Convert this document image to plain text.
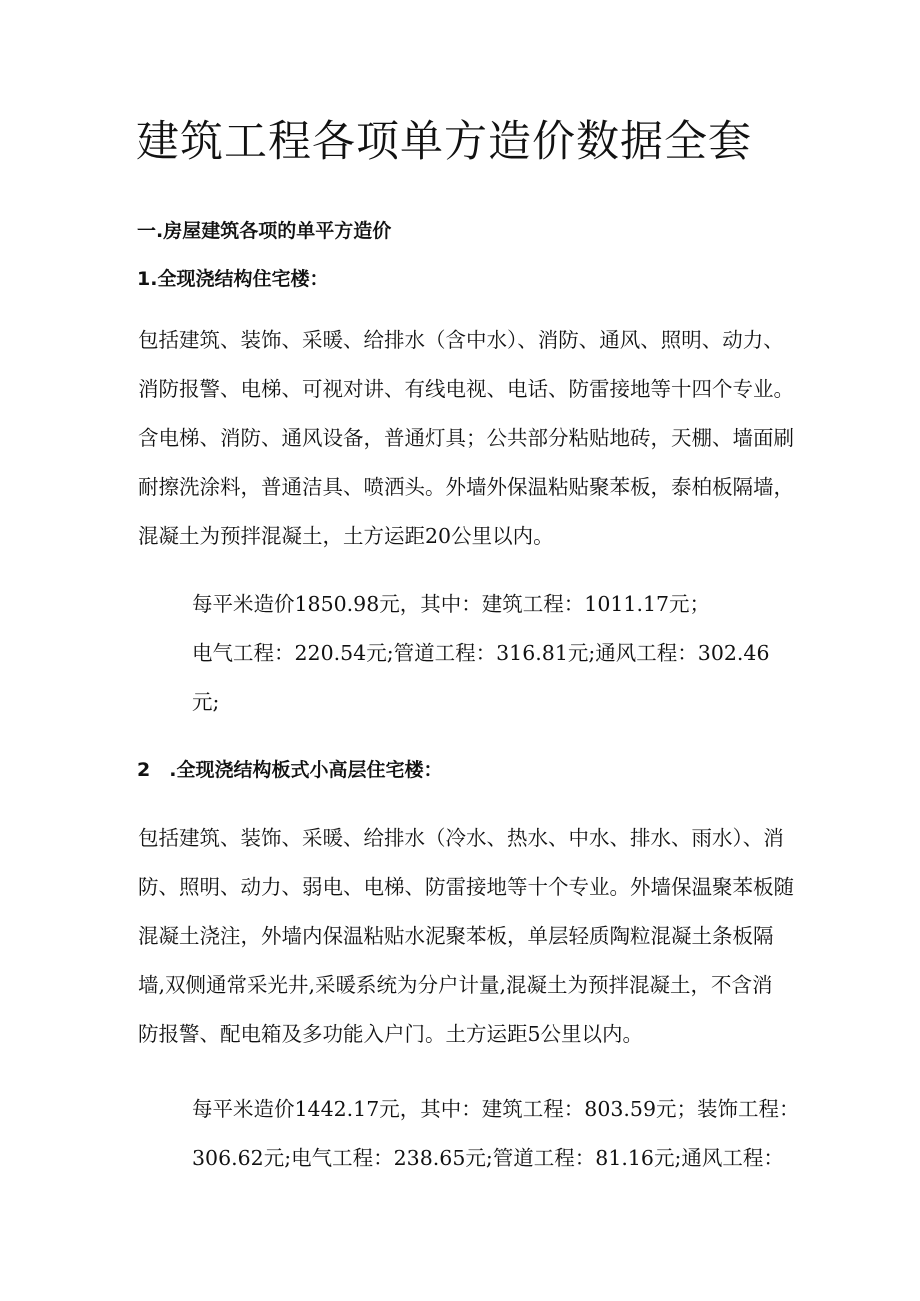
建筑工程各项单方造价数据全套
一.房屋建筑各项的单平方造价
1.全现浇结构住宅楼：
包括建筑、装饰、采暖、给排水（含中水）、消防、通风、照明、动力、
消防报警、电梯、可视对讲、有线电视、电话、防雷接地等十四个专业。
含电梯、消防、通风设备，普通灯具；公共部分粘贴地砖，天棚、墙面刷
耐擦洗涂料，普通洁具、喷洒头。外墙外保温粘贴聚苯板，泰柏板隔墙，
混凝土为预拌混凝土，土方运距20公里以内。
每平米造价1850.98元，其中：建筑工程：1011.17元；
电气工程：220.54元;管道工程：316.81元;通风工程：302.46
元;
2　.全现浇结构板式小高层住宅楼：
包括建筑、装饰、采暖、给排水（冷水、热水、中水、排水、雨水）、消
防、照明、动力、弱电、电梯、防雷接地等十个专业。外墙保温聚苯板随
混凝土浇注，外墙内保温粘贴水泥聚苯板，单层轻质陶粒混凝土条板隔
墙,双侧通常采光井,采暖系统为分户计量,混凝土为预拌混凝土，不含消
防报警、配电箱及多功能入户门。土方运距5公里以内。
每平米造价1442.17元，其中：建筑工程：803.59元；装饰工程：
306.62元;电气工程：238.65元;管道工程：81.16元;通风工程：
